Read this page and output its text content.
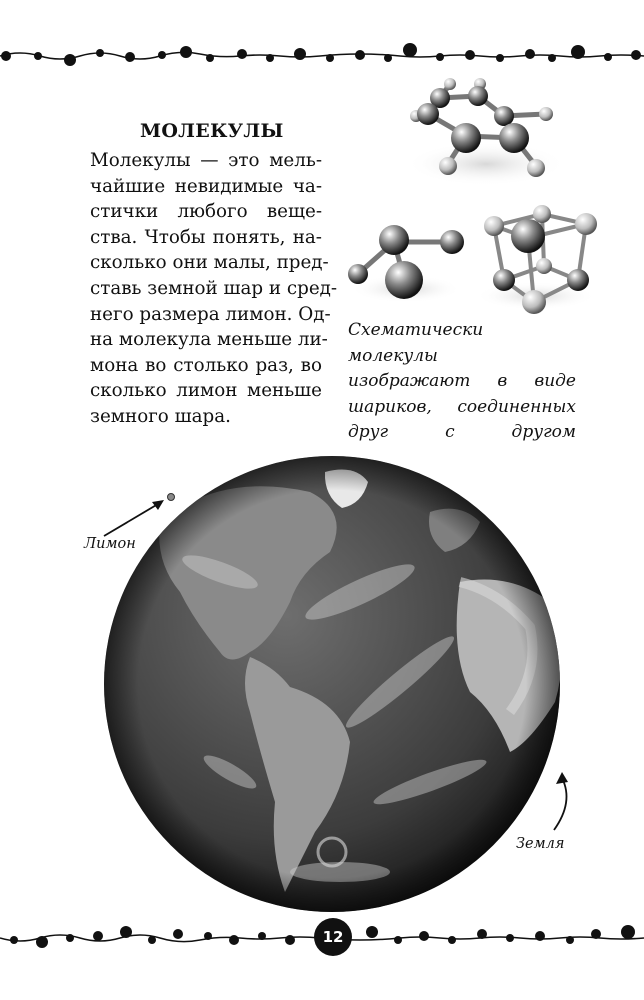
МОЛЕКУЛЫ
Молекулы — это мель-
чайшие невидимые ча-
стички любого веще-
ства. Чтобы понять, на-
сколько они малы, пред-
ставь земной шар и сред-
него размера лимон. Од-
на молекула меньше ли-
мона во столько раз, во
сколько лимон меньше
земного шара.
Схематически
молекулы
изображают в виде
шариков, соединенных
друг с другом
Лимон
Земля
12
